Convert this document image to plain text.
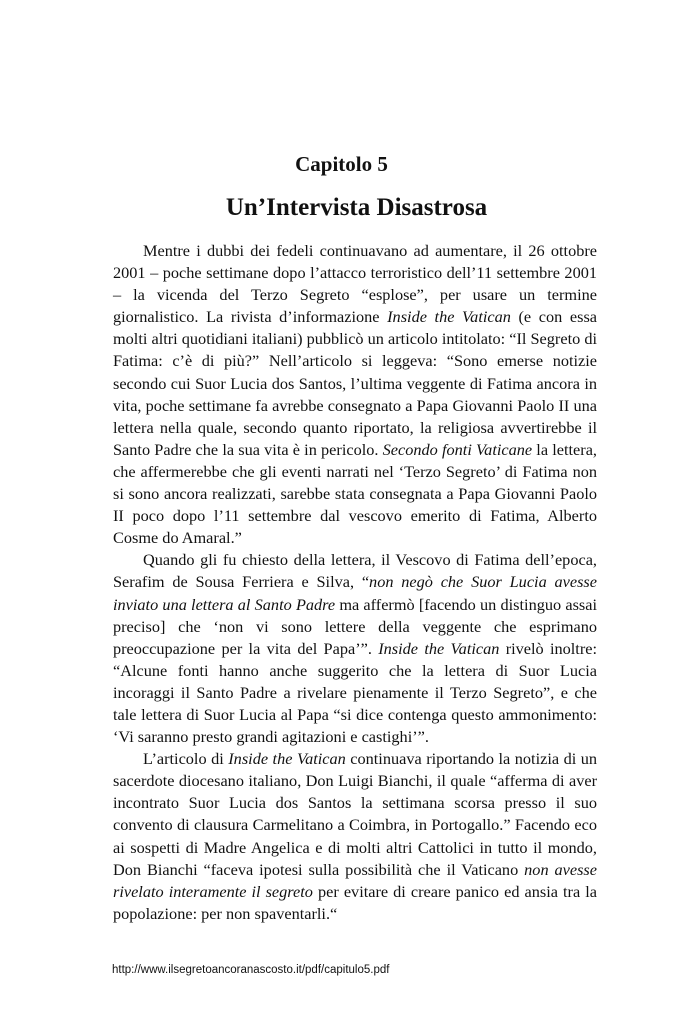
Capitolo 5
Un’Intervista Disastrosa

Mentre i dubbi dei fedeli continuavano ad aumentare, il 26 ottobre 2001 – poche settimane dopo l’attacco terroristico dell’11 settembre 2001 – la vicenda del Terzo Segreto “esplose”, per usare un termine giornalistico. La rivista d’informazione Inside the Vatican (e con essa molti altri quotidiani italiani) pubblicò un articolo intitolato: “Il Segreto di Fatima: c’è di più?” Nell’articolo si leggeva: “Sono emerse notizie secondo cui Suor Lucia dos Santos, l’ultima veggente di Fatima ancora in vita, poche settimane fa avrebbe consegnato a Papa Giovanni Paolo II una lettera nella quale, secondo quanto riportato, la religiosa avvertirebbe il Santo Padre che la sua vita è in pericolo. Secondo fonti Vaticane la lettera, che affermerebbe che gli eventi narrati nel ‘Terzo Segreto’ di Fatima non si sono ancora realizzati, sarebbe stata consegnata a Papa Giovanni Paolo II poco dopo l’11 settembre dal vescovo emerito di Fatima, Alberto Cosme do Amaral.”

Quando gli fu chiesto della lettera, il Vescovo di Fatima dell’epoca, Serafim de Sousa Ferriera e Silva, “non negò che Suor Lucia avesse inviato una lettera al Santo Padre ma affermò [facendo un distinguo assai preciso] che ‘non vi sono lettere della veggente che esprimano preoccupazione per la vita del Papa’”. Inside the Vatican rivelò inoltre: “Alcune fonti hanno anche suggerito che la lettera di Suor Lucia incoraggi il Santo Padre a rivelare pienamente il Terzo Segreto”, e che tale lettera di Suor Lucia al Papa “si dice contenga questo ammonimento: ‘Vi saranno presto grandi agitazioni e castighi’”.

L’articolo di Inside the Vatican continuava riportando la notizia di un sacerdote diocesano italiano, Don Luigi Bianchi, il quale “afferma di aver incontrato Suor Lucia dos Santos la settimana scorsa presso il suo convento di clausura Carmelitano a Coimbra, in Portogallo.” Facendo eco ai sospetti di Madre Angelica e di molti altri Cattolici in tutto il mondo, Don Bianchi “faceva ipotesi sulla possibilità che il Vaticano non avesse rivelato interamente il segreto per evitare di creare panico ed ansia tra la popolazione: per non spaventarli.“

http://www.ilsegretoancoranascosto.it/pdf/capitulo5.pdf
